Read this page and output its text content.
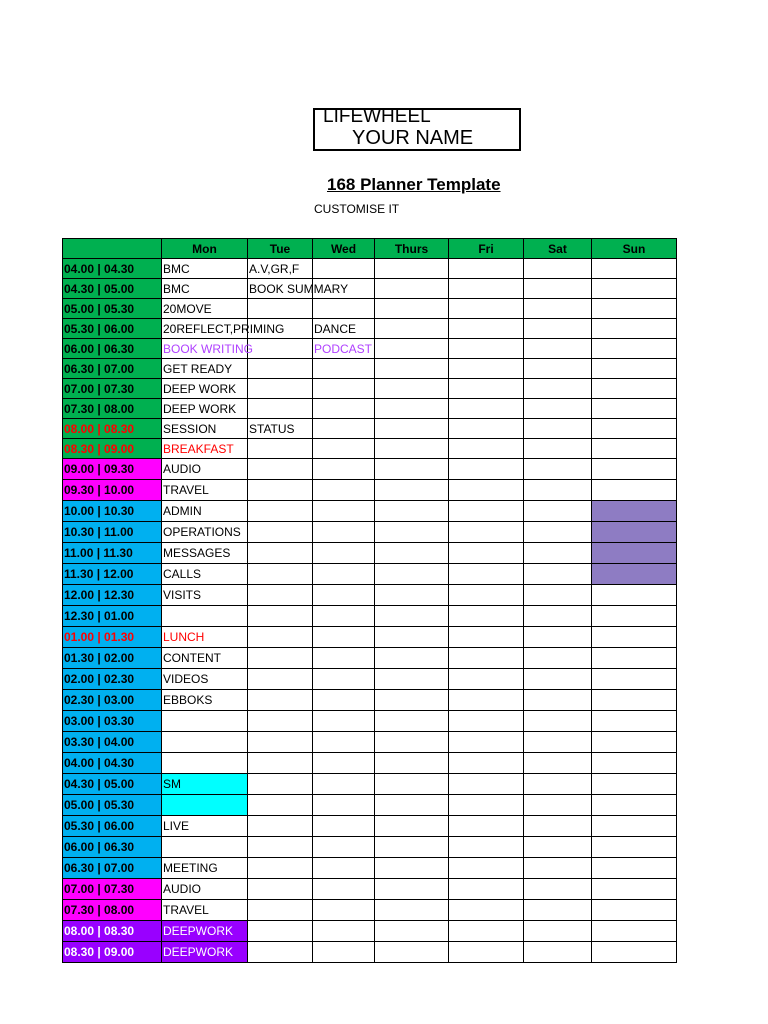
LIFEWHEEL
YOUR NAME
168 Planner Template
CUSTOMISE IT
	Mon	Tue	Wed	Thurs	Fri	Sat	Sun
04.00 | 04.30	BMC	A.V,GR,F					
04.30 | 05.00	BMC	BOOK SUMMARY					
05.00 | 05.30	20MOVE						
05.30 | 06.00	20REFLECT,PRIMING		DANCE				
06.00 | 06.30	BOOK WRITING		PODCAST				
06.30 | 07.00	GET READY						
07.00 | 07.30	DEEP WORK						
07.30 | 08.00	DEEP WORK						
08.00 | 08.30	SESSION	STATUS					
08.30 | 09.00	BREAKFAST						
09.00 | 09.30	AUDIO						
09.30 | 10.00	TRAVEL						
10.00 | 10.30	ADMIN						
10.30 | 11.00	OPERATIONS						
11.00 | 11.30	MESSAGES						
11.30 | 12.00	CALLS						
12.00 | 12.30	VISITS						
12.30 | 01.00							
01.00 | 01.30	LUNCH						
01.30 | 02.00	CONTENT						
02.00 | 02.30	VIDEOS						
02.30 | 03.00	EBBOKS						
03.00 | 03.30							
03.30 | 04.00							
04.00 | 04.30							
04.30 | 05.00	SM						
05.00 | 05.30							
05.30 | 06.00	LIVE						
06.00 | 06.30							
06.30 | 07.00	MEETING						
07.00 | 07.30	AUDIO						
07.30 | 08.00	TRAVEL						
08.00 | 08.30	DEEPWORK						
08.30 | 09.00	DEEPWORK						
